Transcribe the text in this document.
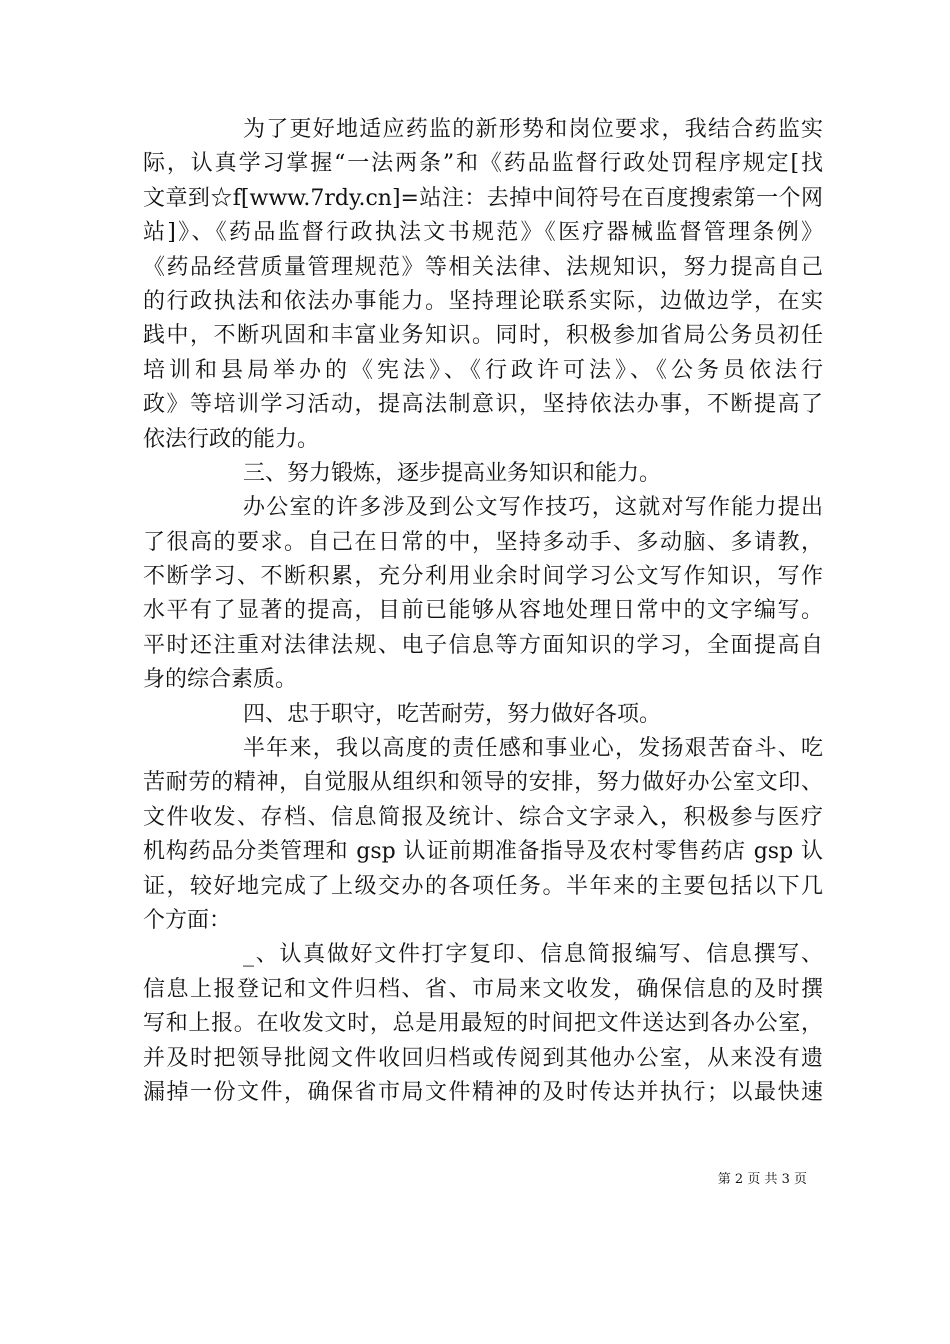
为了更好地适应药监的新形势和岗位要求，我结合药监实
际，认真学习掌握“一法两条”和《药品监督行政处罚程序规定[找
文章到☆f[www.7rdy.cn]=站注：去掉中间符号在百度搜索第一个网
站]》、《药品监督行政执法文书规范》《医疗器械监督管理条例》
《药品经营质量管理规范》等相关法律、法规知识，努力提高自己
的行政执法和依法办事能力。坚持理论联系实际，边做边学，在实
践中，不断巩固和丰富业务知识。同时，积极参加省局公务员初任
培训和县局举办的《宪法》、《行政许可法》、《公务员依法行
政》等培训学习活动，提高法制意识，坚持依法办事，不断提高了
依法行政的能力。
三、努力锻炼，逐步提高业务知识和能力。
办公室的许多涉及到公文写作技巧，这就对写作能力提出
了很高的要求。自己在日常的中，坚持多动手、多动脑、多请教，
不断学习、不断积累，充分利用业余时间学习公文写作知识，写作
水平有了显著的提高，目前已能够从容地处理日常中的文字编写。
平时还注重对法律法规、电子信息等方面知识的学习，全面提高自
身的综合素质。
四、忠于职守，吃苦耐劳，努力做好各项。
半年来，我以高度的责任感和事业心，发扬艰苦奋斗、吃
苦耐劳的精神，自觉服从组织和领导的安排，努力做好办公室文印、
文件收发、存档、信息简报及统计、综合文字录入，积极参与医疗
机构药品分类管理和 gsp 认证前期准备指导及农村零售药店 gsp 认
证，较好地完成了上级交办的各项任务。半年来的主要包括以下几
个方面：
_、认真做好文件打字复印、信息简报编写、信息撰写、
信息上报登记和文件归档、省、市局来文收发，确保信息的及时撰
写和上报。在收发文时，总是用最短的时间把文件送达到各办公室，
并及时把领导批阅文件收回归档或传阅到其他办公室，从来没有遗
漏掉一份文件，确保省市局文件精神的及时传达并执行；以最快速
第 2 页 共 3 页
